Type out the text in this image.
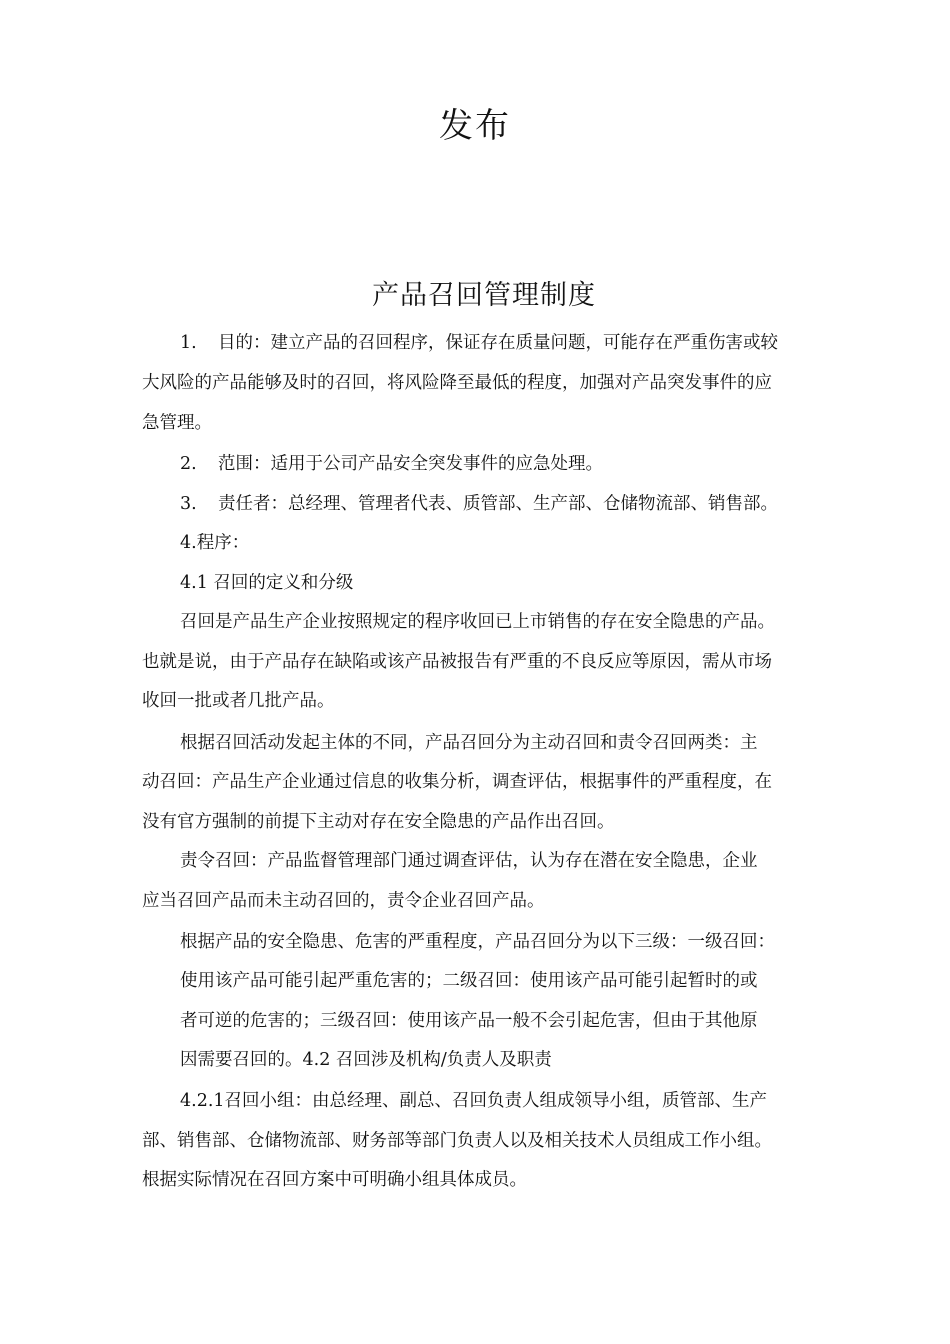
发布
产品召回管理制度
1. 目的：建立产品的召回程序，保证存在质量问题，可能存在严重伤害或较
大风险的产品能够及时的召回，将风险降至最低的程度，加强对产品突发事件的应
急管理。
2. 范围：适用于公司产品安全突发事件的应急处理。
3. 责任者：总经理、管理者代表、质管部、生产部、仓储物流部、销售部。
4.程序：
4.1 召回的定义和分级
召回是产品生产企业按照规定的程序收回已上市销售的存在安全隐患的产品。
也就是说，由于产品存在缺陷或该产品被报告有严重的不良反应等原因，需从市场
收回一批或者几批产品。
根据召回活动发起主体的不同，产品召回分为主动召回和责令召回两类：主
动召回：产品生产企业通过信息的收集分析，调查评估，根据事件的严重程度，在
没有官方强制的前提下主动对存在安全隐患的产品作出召回。
责令召回：产品监督管理部门通过调查评估，认为存在潜在安全隐患，企业
应当召回产品而未主动召回的，责令企业召回产品。
根据产品的安全隐患、危害的严重程度，产品召回分为以下三级：一级召回：
使用该产品可能引起严重危害的；二级召回：使用该产品可能引起暂时的或
者可逆的危害的；三级召回：使用该产品一般不会引起危害，但由于其他原
因需要召回的。4.2 召回涉及机构/负责人及职责
4.2.1召回小组：由总经理、副总、召回负责人组成领导小组，质管部、生产
部、销售部、仓储物流部、财务部等部门负责人以及相关技术人员组成工作小组。
根据实际情况在召回方案中可明确小组具体成员。
